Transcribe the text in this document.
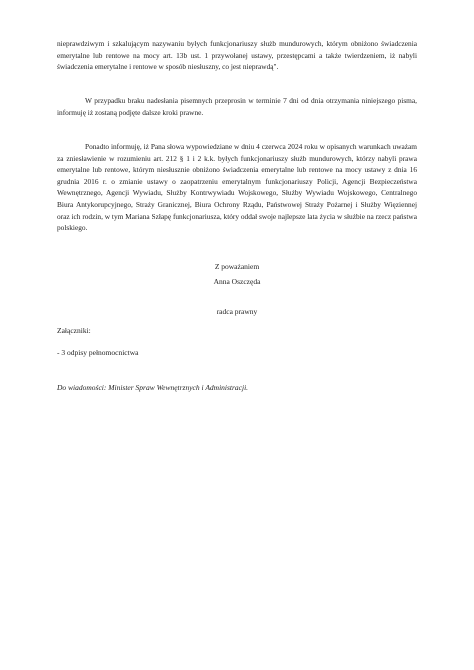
nieprawdziwym i szkalującym nazywaniu byłych funkcjonariuszy służb mundurowych, którym obniżono świadczenia emerytalne lub rentowe na mocy art. 13b ust. 1 przywołanej ustawy, przestępcami a także twierdzeniem, iż nabyli świadczenia emerytalne i rentowe w sposób niesłuszny, co jest nieprawdą".

W przypadku braku nadesłania pisemnych przeprosin w terminie 7 dni od dnia otrzymania niniejszego pisma, informuję iż zostaną podjęte dalsze kroki prawne.

Ponadto informuję, iż Pana słowa wypowiedziane w dniu 4 czerwca 2024 roku w opisanych warunkach uważam za zniesławienie w rozumieniu art. 212 § 1 i 2 k.k. byłych funkcjonariuszy służb mundurowych, którzy nabyli prawa emerytalne lub rentowe, którym niesłusznie obniżono świadczenia emerytalne lub rentowe na mocy ustawy z dnia 16 grudnia 2016 r. o zmianie ustawy o zaopatrzeniu emerytalnym funkcjonariuszy Policji, Agencji Bezpieczeństwa Wewnętrznego, Agencji Wywiadu, Służby Kontrwywiadu Wojskowego, Służby Wywiadu Wojskowego, Centralnego Biura Antykorupcyjnego, Straży Granicznej, Biura Ochrony Rządu, Państwowej Straży Pożarnej i Służby Więziennej oraz ich rodzin, w tym Mariana Szłapę funkcjonariusza, który oddał swoje najlepsze lata życia w służbie na rzecz państwa polskiego.

Z poważaniem

Anna Oszczęda

radca prawny

Załączniki:

- 3 odpisy pełnomocnictwa

Do wiadomości: Minister Spraw Wewnętrznych i Administracji.
